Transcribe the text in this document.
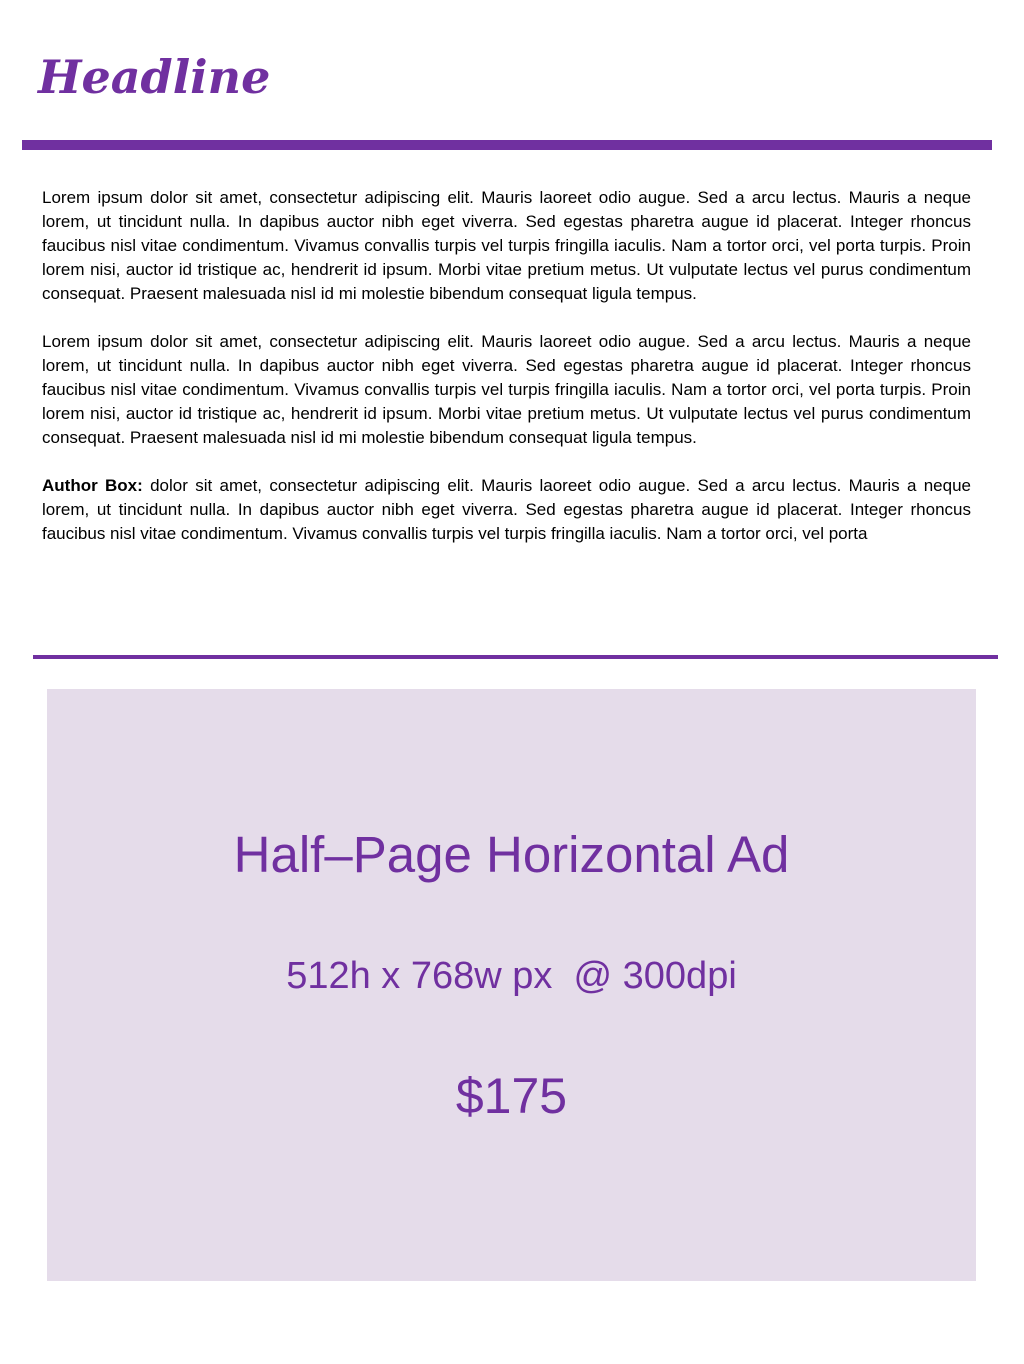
Headline

Lorem ipsum dolor sit amet, consectetur adipiscing elit. Mauris laoreet odio augue. Sed a arcu lectus. Mauris a neque lorem, ut tincidunt nulla. In dapibus auctor nibh eget viverra. Sed egestas pharetra augue id placerat. Integer rhoncus faucibus nisl vitae condimentum. Vivamus convallis turpis vel turpis fringilla iaculis. Nam a tortor orci, vel porta turpis. Proin lorem nisi, auctor id tristique ac, hendrerit id ipsum. Morbi vitae pretium metus. Ut vulputate lectus vel purus condimentum consequat. Praesent malesuada nisl id mi molestie bibendum consequat ligula tempus.

Lorem ipsum dolor sit amet, consectetur adipiscing elit. Mauris laoreet odio augue. Sed a arcu lectus. Mauris a neque lorem, ut tincidunt nulla. In dapibus auctor nibh eget viverra. Sed egestas pharetra augue id placerat. Integer rhoncus faucibus nisl vitae condimentum. Vivamus convallis turpis vel turpis fringilla iaculis. Nam a tortor orci, vel porta turpis. Proin lorem nisi, auctor id tristique ac, hendrerit id ipsum. Morbi vitae pretium metus. Ut vulputate lectus vel purus condimentum consequat. Praesent malesuada nisl id mi molestie bibendum consequat ligula tempus.

Author Box: dolor sit amet, consectetur adipiscing elit. Mauris laoreet odio augue. Sed a arcu lectus. Mauris a neque lorem, ut tincidunt nulla. In dapibus auctor nibh eget viverra. Sed egestas pharetra augue id placerat. Integer rhoncus faucibus nisl vitae condimentum. Vivamus convallis turpis vel turpis fringilla iaculis. Nam a tortor orci, vel porta

Half–Page Horizontal Ad
512h x 768w px  @ 300dpi
$175
